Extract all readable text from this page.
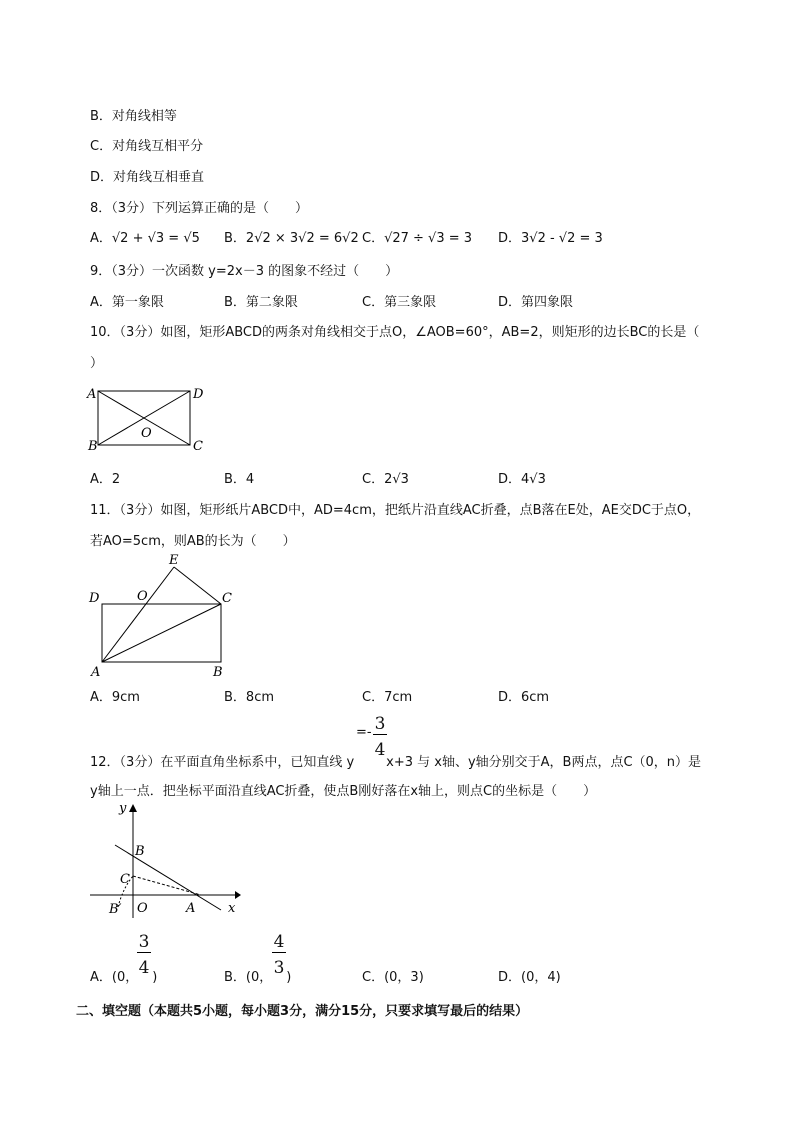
B．对角线相等
C．对角线互相平分
D．对角线互相垂直
8．（3分）下列运算正确的是（　　）
A．√2 + √3 = √5 B．2√2 × 3√2 = 6√2 C．√27 ÷ √3 = 3 D．3√2 - √2 = 3
9．（3分）一次函数 y=2x－3 的图象不经过（　　）
A．第一象限	B．第二象限	C．第三象限	D．第四象限
10．（3分）如图，矩形ABCD的两条对角线相交于点O，∠AOB=60°，AB=2，则矩形的边长BC的长是（
）
A	D
B	C
O
A．2	B．4	C．2√3	D．4√3
11．（3分）如图，矩形纸片ABCD中，AD=4cm，把纸片沿直线AC折叠，点B落在E处，AE交DC于点O，
若AO=5cm，则AB的长为（　　）
E
D	O	C
A	B
A．9cm	B．8cm	C．7cm	D．6cm
=- 3
4
12．（3分）在平面直角坐标系中，已知直线 y x+3 与 x轴、y轴分别交于A，B两点，点C（0，n）是
y轴上一点．把坐标平面沿直线AC折叠，使点B刚好落在x轴上，则点C的坐标是（　　）
y
x
B
C
B′ O	A
A．(0， )
3
4	B．(0， )
4
3	C．(0，3)	D．(0，4)
二、填空题（本题共5小题，每小题3分，满分15分，只要求填写最后的结果）
